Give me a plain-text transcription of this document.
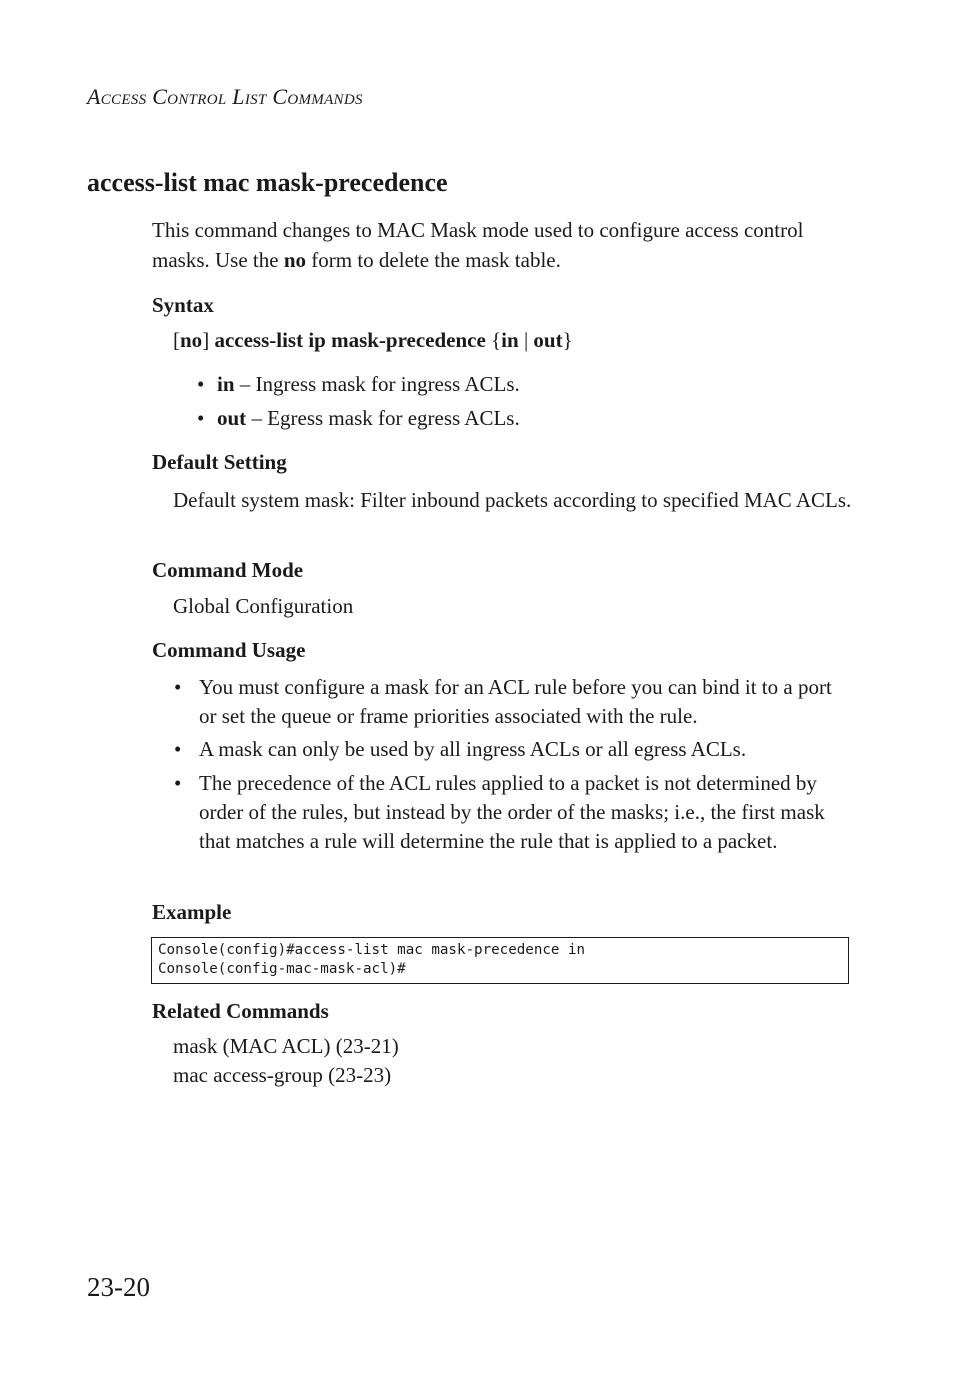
Access Control List Commands
access-list mac mask-precedence

This command changes to MAC Mask mode used to configure access control masks. Use the no form to delete the mask table.

Syntax
[no] access-list ip mask-precedence {in | out}
• in – Ingress mask for ingress ACLs.
• out – Egress mask for egress ACLs.
Default Setting

Default system mask: Filter inbound packets according to specified MAC ACLs.

Command Mode
Global Configuration
Command Usage
• You must configure a mask for an ACL rule before you can bind it to a port or set the queue or frame priorities associated with the rule.
• A mask can only be used by all ingress ACLs or all egress ACLs.
• The precedence of the ACL rules applied to a packet is not determined by order of the rules, but instead by the order of the masks; i.e., the first mask that matches a rule will determine the rule that is applied to a packet.
Example
Console(config)#access-list mac mask-precedence in
Console(config-mac-mask-acl)#
Related Commands
mask (MAC ACL) (23-21)
mac access-group (23-23)
23-20
